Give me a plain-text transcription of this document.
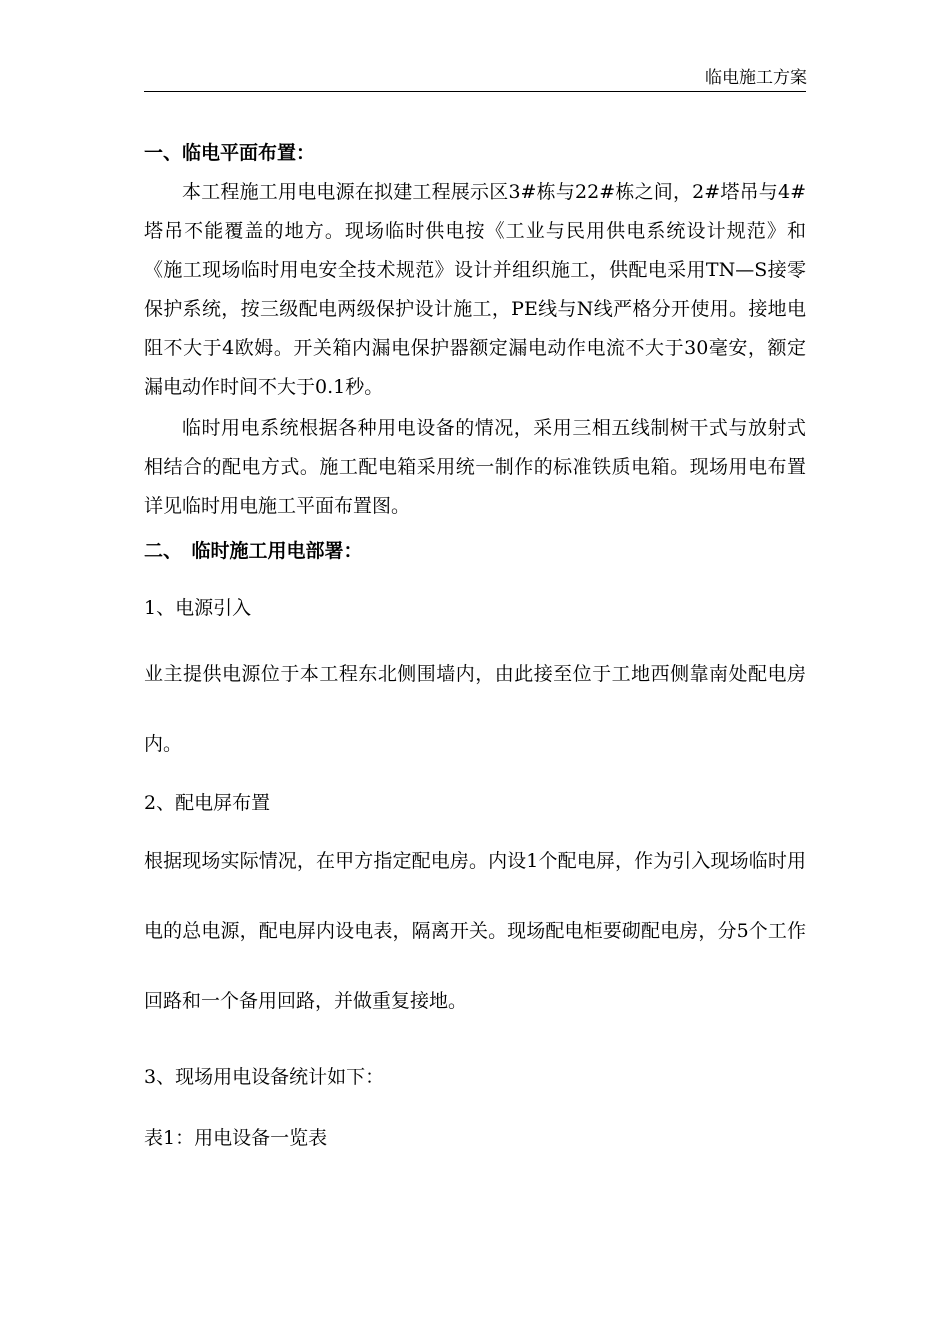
临电施工方案

一、临电平面布置：

本工程施工用电电源在拟建工程展示区3#栋与22#栋之间，2#塔吊与4#塔吊不能覆盖的地方。现场临时供电按《工业与民用供电系统设计规范》和《施工现场临时用电安全技术规范》设计并组织施工，供配电采用TN—S接零保护系统，按三级配电两级保护设计施工，PE线与N线严格分开使用。接地电阻不大于4欧姆。开关箱内漏电保护器额定漏电动作电流不大于30毫安，额定漏电动作时间不大于0.1秒。

临时用电系统根据各种用电设备的情况，采用三相五线制树干式与放射式相结合的配电方式。施工配电箱采用统一制作的标准铁质电箱。现场用电布置详见临时用电施工平面布置图。

二、　临时施工用电部署：

1、电源引入

业主提供电源位于本工程东北侧围墙内，由此接至位于工地西侧靠南处配电房内。

2、配电屏布置

根据现场实际情况，在甲方指定配电房。内设1个配电屏，作为引入现场临时用电的总电源，配电屏内设电表，隔离开关。现场配电柜要砌配电房，分5个工作回路和一个备用回路，并做重复接地。

3、现场用电设备统计如下：

表1：用电设备一览表
